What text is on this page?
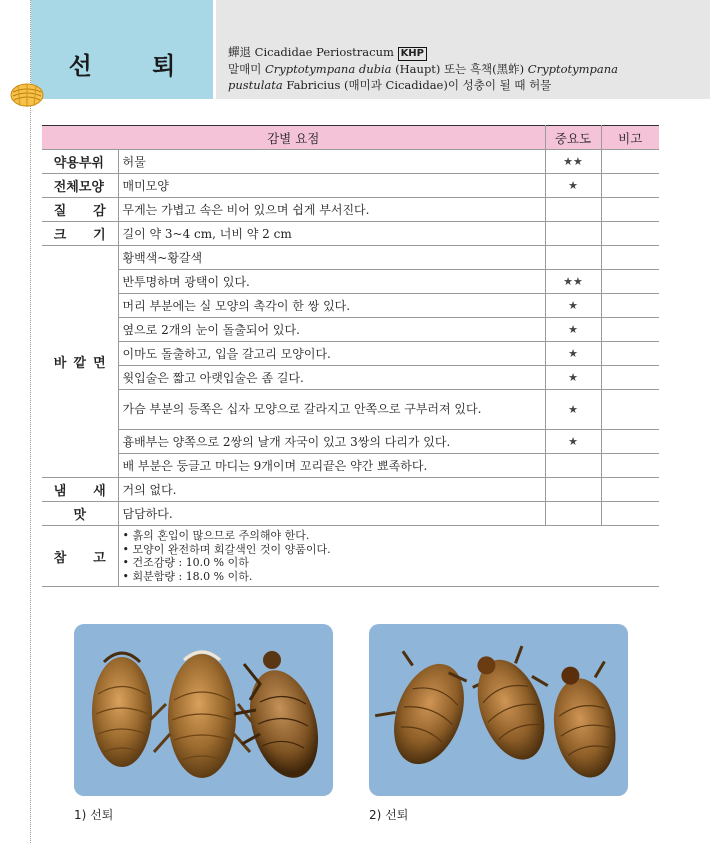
선 퇴	蟬退 Cicadidae Periostracum KHP
말매미 Cryptotympana dubia (Haupt) 또는 흑책(黑蚱) Cryptotympana
pustulata Fabricius (매미과 Cicadidae)이 성충이 될 때 허물
감별 요점		중요도	비고
약용부위	허물	★★	
전체모양	매미모양	★	
질 감	무게는 가볍고 속은 비어 있으며 쉽게 부서진다.		
크 기	길이 약 3~4 cm, 너비 약 2 cm		
바 깥 면	황백색~황갈색		
	반투명하며 광택이 있다.	★★	
	머리 부분에는 실 모양의 촉각이 한 쌍 있다.	★	
	옆으로 2개의 눈이 돌출되어 있다.	★	
	이마도 돌출하고, 입을 갈고리 모양이다.	★	
	윗입술은 짧고 아랫입술은 좀 길다.	★	
	가슴 부분의 등쪽은 십자 모양으로 갈라지고 안쪽으로 구부러져 있다.	★	
	흉배부는 양쪽으로 2쌍의 날개 자국이 있고 3쌍의 다리가 있다.	★	
	배 부분은 둥글고 마디는 9개이며 꼬리끝은 약간 뾰족하다.		
냄 새	거의 없다.		
맛	담담하다.		
참 고	• 흙의 혼입이 많으므로 주의해야 한다.
• 모양이 완전하며 회갈색인 것이 양품이다.
• 건조감량 : 10.0 % 이하
• 회분함량 : 18.0 % 이하.		
1) 선퇴	2) 선퇴
